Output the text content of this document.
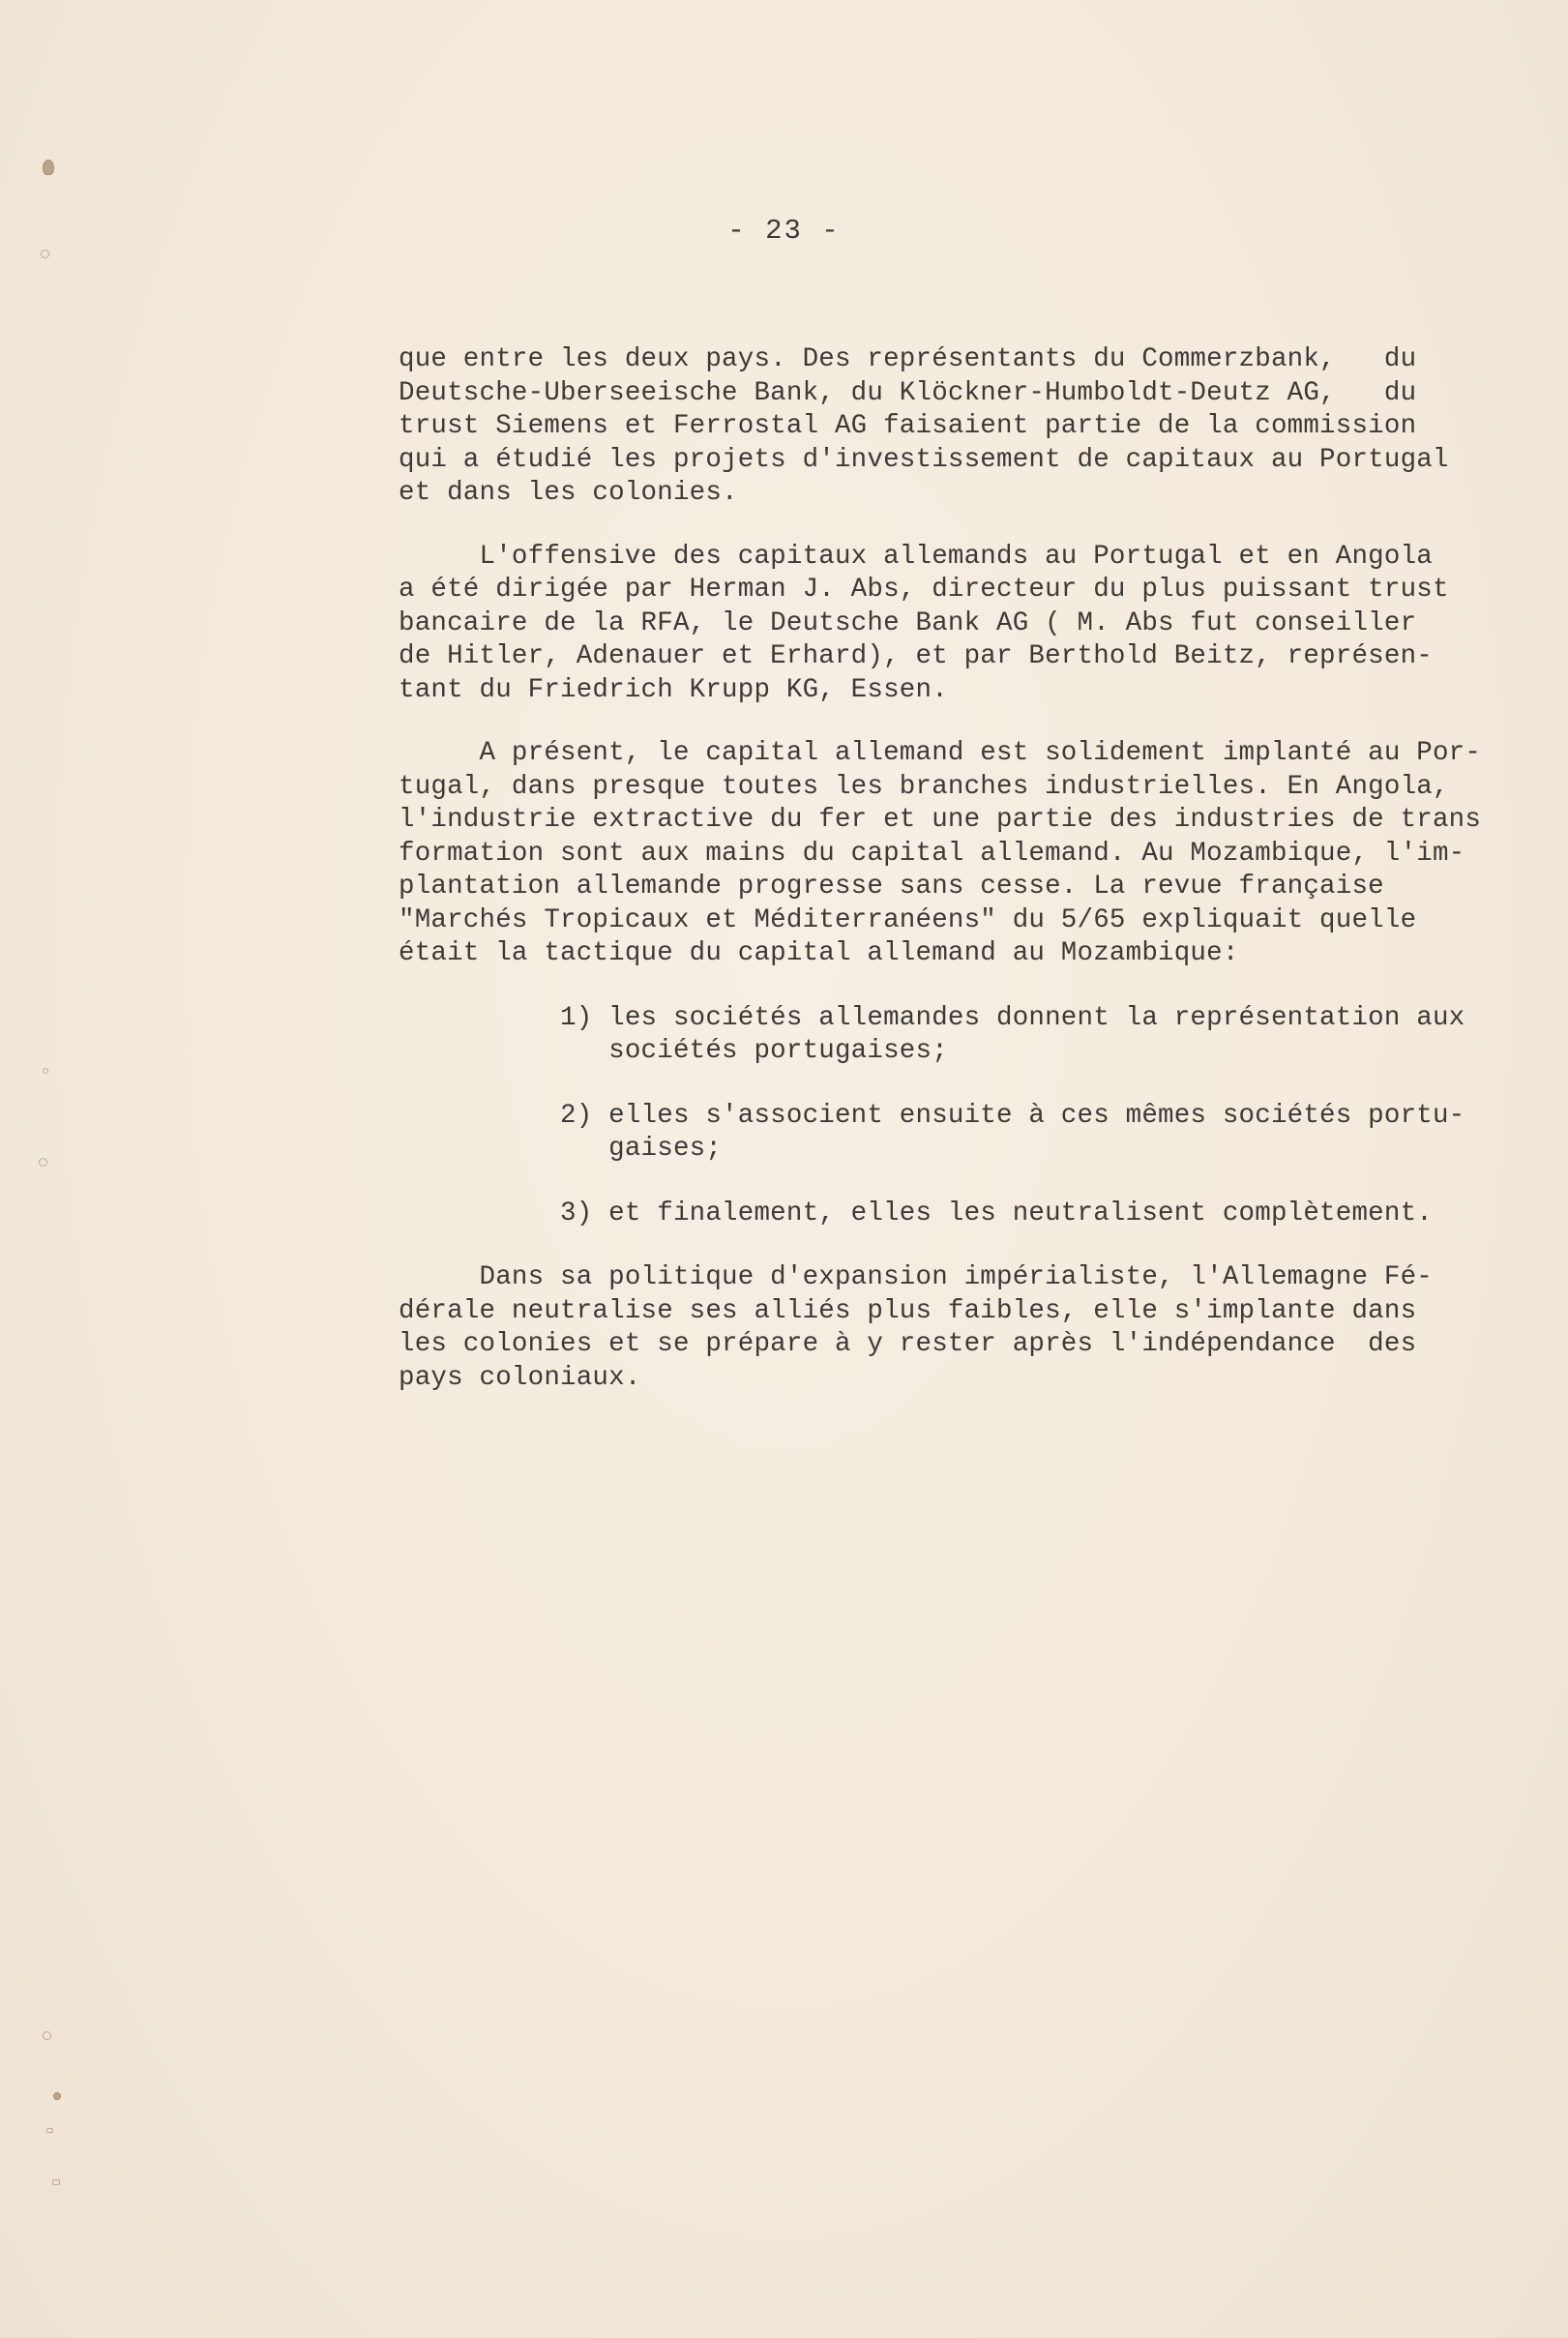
- 23 -
que entre les deux pays. Des représentants du Commerzbank,   du
Deutsche-Uberseeische Bank, du Klöckner-Humboldt-Deutz AG,   du
trust Siemens et Ferrostal AG faisaient partie de la commission
qui a étudié les projets d'investissement de capitaux au Portugal
et dans les colonies.
L'offensive des capitaux allemands au Portugal et en Angola
a été dirigée par Herman J. Abs, directeur du plus puissant trust
bancaire de la RFA, le Deutsche Bank AG ( M. Abs fut conseiller
de Hitler, Adenauer et Erhard), et par Berthold Beitz, représen-
tant du Friedrich Krupp KG, Essen.
A présent, le capital allemand est solidement implanté au Por-
tugal, dans presque toutes les branches industrielles. En Angola,
l'industrie extractive du fer et une partie des industries de trans
formation sont aux mains du capital allemand. Au Mozambique, l'im-
plantation allemande progresse sans cesse. La revue française
"Marchés Tropicaux et Méditerranéens" du 5/65 expliquait quelle
était la tactique du capital allemand au Mozambique:
1) les sociétés allemandes donnent la représentation aux
sociétés portugaises;
2) elles s'associent ensuite à ces mêmes sociétés portu-
gaises;
3) et finalement, elles les neutralisent complètement.
Dans sa politique d'expansion impérialiste, l'Allemagne Fé-
dérale neutralise ses alliés plus faibles, elle s'implante dans
les colonies et se prépare à y rester après l'indépendance  des
pays coloniaux.
